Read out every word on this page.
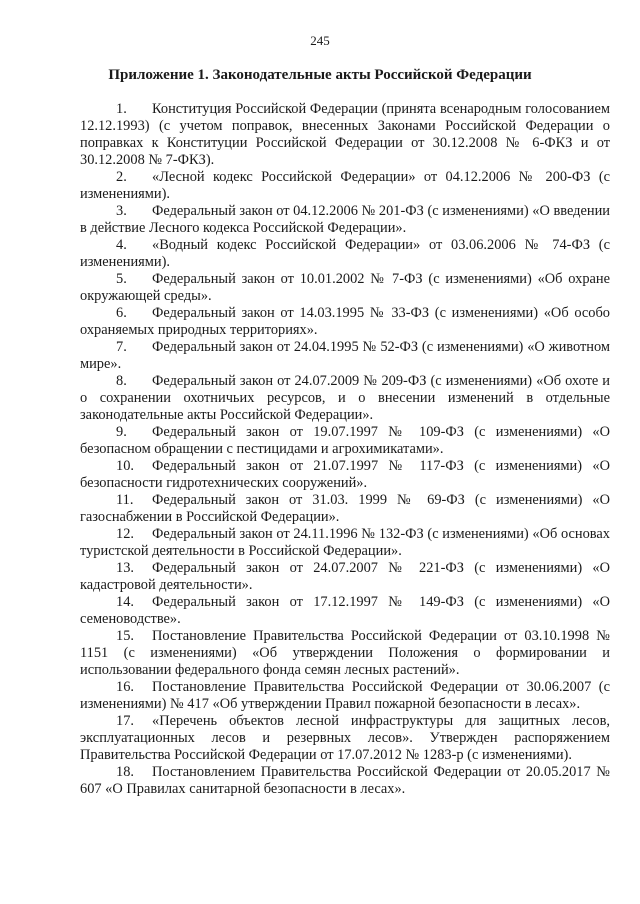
245
Приложение 1. Законодательные акты Российской Федерации

1. Конституция Российской Федерации (принята всенародным голосованием 12.12.1993) (с учетом поправок, внесенных Законами Российской Федерации о поправках к Конституции Российской Федерации от 30.12.2008 № 6-ФКЗ и от 30.12.2008 № 7-ФКЗ).

2. «Лесной кодекс Российской Федерации» от 04.12.2006 № 200-ФЗ (с изменениями).

3. Федеральный закон от 04.12.2006 № 201-ФЗ (с изменениями) «О введении в действие Лесного кодекса Российской Федерации».

4. «Водный кодекс Российской Федерации» от 03.06.2006 № 74-ФЗ (с изменениями).

5. Федеральный закон от 10.01.2002 № 7-ФЗ (с изменениями) «Об охране окружающей среды».

6. Федеральный закон от 14.03.1995 № 33-ФЗ (с изменениями) «Об особо охраняемых природных территориях».

7. Федеральный закон от 24.04.1995 № 52-ФЗ (с изменениями) «О животном мире».

8. Федеральный закон от 24.07.2009 № 209-ФЗ (с изменениями) «Об охоте и о сохранении охотничьих ресурсов, и о внесении изменений в отдельные законодательные акты Российской Федерации».

9. Федеральный закон от 19.07.1997 № 109-ФЗ (с изменениями) «О безопасном обращении с пестицидами и агрохимикатами».

10. Федеральный закон от 21.07.1997 № 117-ФЗ (с изменениями) «О безопасности гидротехнических сооружений».

11. Федеральный закон от 31.03. 1999 № 69-ФЗ (с изменениями) «О газоснабжении в Российской Федерации».

12. Федеральный закон от 24.11.1996 № 132-ФЗ (с изменениями) «Об основах туристской деятельности в Российской Федерации».

13. Федеральный закон от 24.07.2007 № 221-ФЗ (с изменениями) «О кадастровой деятельности».

14. Федеральный закон от 17.12.1997 № 149-ФЗ (с изменениями) «О семеноводстве».

15. Постановление Правительства Российской Федерации от 03.10.1998 № 1151 (с изменениями) «Об утверждении Положения о формировании и использовании федерального фонда семян лесных растений».

16. Постановление Правительства Российской Федерации от 30.06.2007 (с изменениями) № 417 «Об утверждении Правил пожарной безопасности в лесах».

17. «Перечень объектов лесной инфраструктуры для защитных лесов, эксплуатационных лесов и резервных лесов». Утвержден распоряжением Правительства Российской Федерации от 17.07.2012 № 1283-р (с изменениями).

18. Постановлением Правительства Российской Федерации от 20.05.2017 № 607 «О Правилах санитарной безопасности в лесах».
